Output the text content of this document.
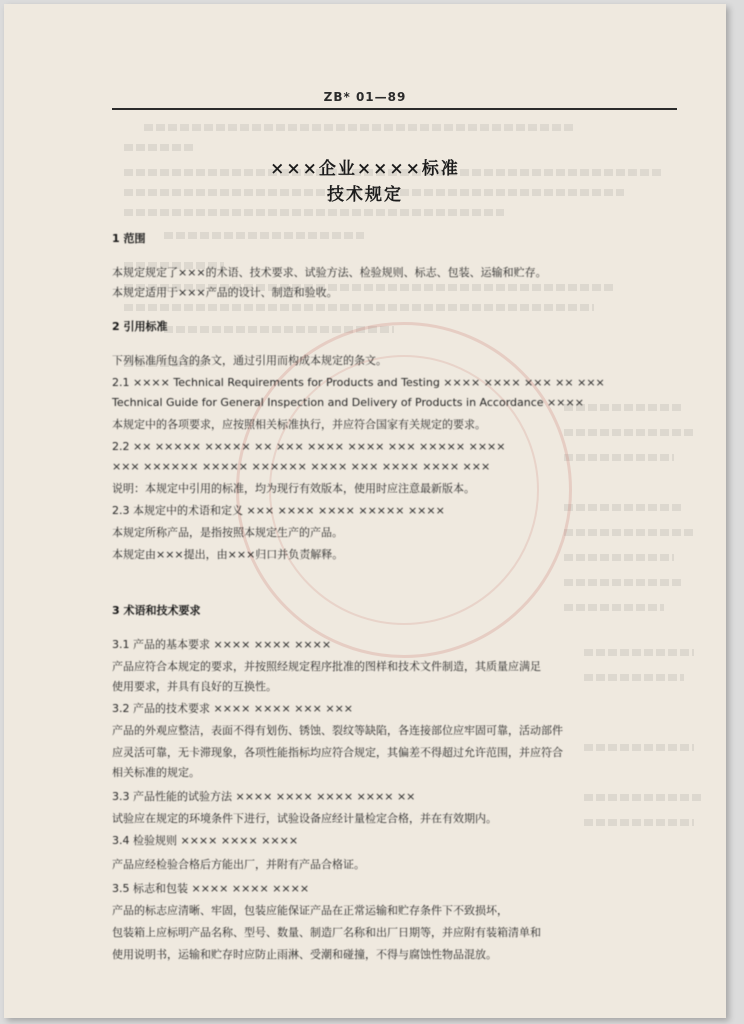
ZB* 01—89
×××企业××××标准
技术规定
1 范围
本规定规定了×××的术语、技术要求、试验方法、检验规则、标志、包装、运输和贮存。
本规定适用于×××产品的设计、制造和验收。
2 引用标准
下列标准所包含的条文，通过引用而构成本规定的条文。
2.1 ×××× Technical Requirements for Products and Testing ×××× ×××× ××× ×× ×××
Technical Guide for General Inspection and Delivery of Products in Accordance ××××
本规定中的各项要求，应按照相关标准执行，并应符合国家有关规定的要求。
2.2 ×× ××××× ××××× ×× ××× ×××× ×××× ××× ××××× ××××
××× ×××××× ××××× ×××××× ×××× ××× ×××× ×××× ×××
说明：本规定中引用的标准，均为现行有效版本，使用时应注意最新版本。
2.3 本规定中的术语和定义 ××× ×××× ×××× ××××× ××××
本规定所称产品，是指按照本规定生产的产品。
本规定由×××提出，由×××归口并负责解释。
3 术语和技术要求
3.1 产品的基本要求 ×××× ×××× ××××
产品应符合本规定的要求，并按照经规定程序批准的图样和技术文件制造，其质量应满足
使用要求，并具有良好的互换性。
3.2 产品的技术要求 ×××× ×××× ××× ×××
产品的外观应整洁，表面不得有划伤、锈蚀、裂纹等缺陷，各连接部位应牢固可靠，活动部件
应灵活可靠，无卡滞现象，各项性能指标均应符合规定，其偏差不得超过允许范围，并应符合
相关标准的规定。
3.3 产品性能的试验方法 ×××× ×××× ×××× ×××× ××
试验应在规定的环境条件下进行，试验设备应经计量检定合格，并在有效期内。
3.4 检验规则 ×××× ×××× ××××
产品应经检验合格后方能出厂，并附有产品合格证。
3.5 标志和包装 ×××× ×××× ××××
产品的标志应清晰、牢固，包装应能保证产品在正常运输和贮存条件下不致损坏，
包装箱上应标明产品名称、型号、数量、制造厂名称和出厂日期等，并应附有装箱清单和
使用说明书，运输和贮存时应防止雨淋、受潮和碰撞，不得与腐蚀性物品混放。
